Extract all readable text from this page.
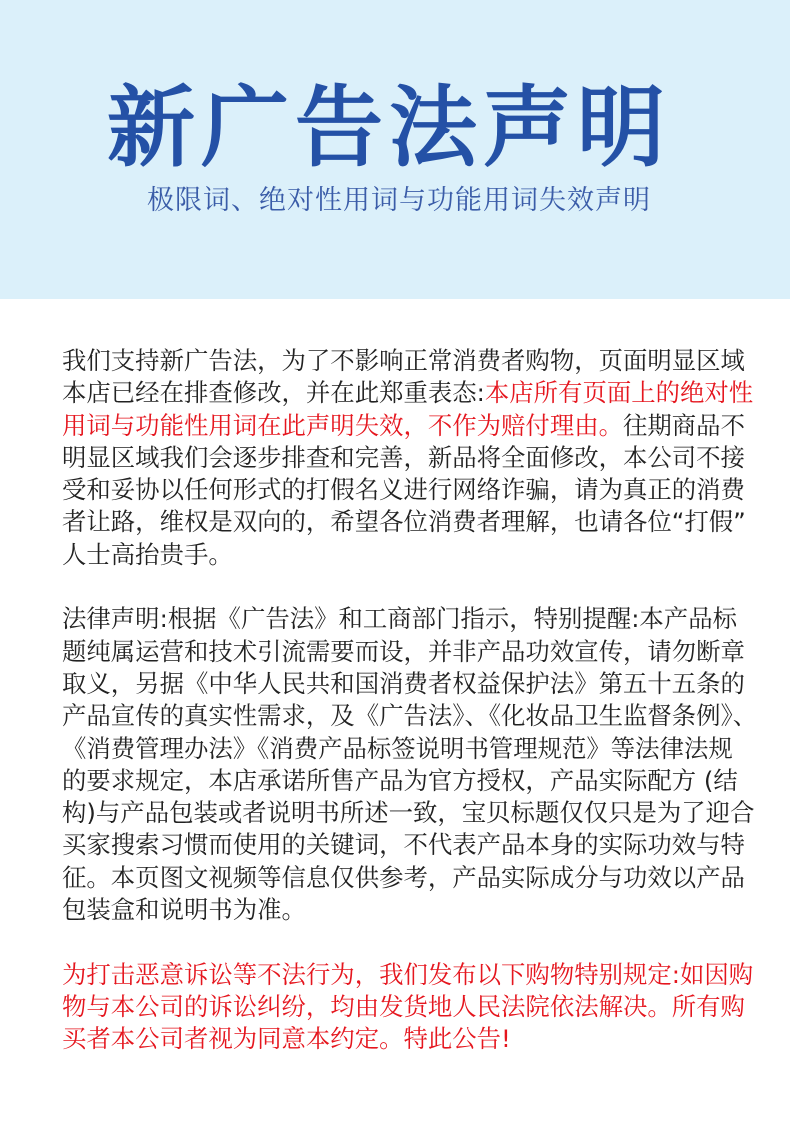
新广告法声明
极限词、绝对性用词与功能用词失效声明
我们支持新广告法，为了不影响正常消费者购物，页面明显区域
本店已经在排查修改，并在此郑重表态:本店所有页面上的绝对性
用词与功能性用词在此声明失效，不作为赔付理由。往期商品不
明显区域我们会逐步排查和完善，新品将全面修改，本公司不接
受和妥协以任何形式的打假名义进行网络诈骗，请为真正的消费
者让路，维权是双向的，希望各位消费者理解，也请各位“打假”
人士高抬贵手。
法律声明:根据《广告法》和工商部门指示，特别提醒:本产品标
题纯属运营和技术引流需要而设，并非产品功效宣传，请勿断章
取义，另据《中华人民共和国消费者权益保护法》第五十五条的
产品宣传的真实性需求，及《广告法》、《化妆品卫生监督条例》、
《消费管理办法》《消费产品标签说明书管理规范》等法律法规
的要求规定，本店承诺所售产品为官方授权，产品实际配方 (结
构)与产品包装或者说明书所述一致，宝贝标题仅仅只是为了迎合
买家搜索习惯而使用的关键词，不代表产品本身的实际功效与特
征。本页图文视频等信息仅供参考，产品实际成分与功效以产品
包装盒和说明书为准。
为打击恶意诉讼等不法行为，我们发布以下购物特别规定:如因购
物与本公司的诉讼纠纷，均由发货地人民法院依法解决。所有购
买者本公司者视为同意本约定。特此公告!
